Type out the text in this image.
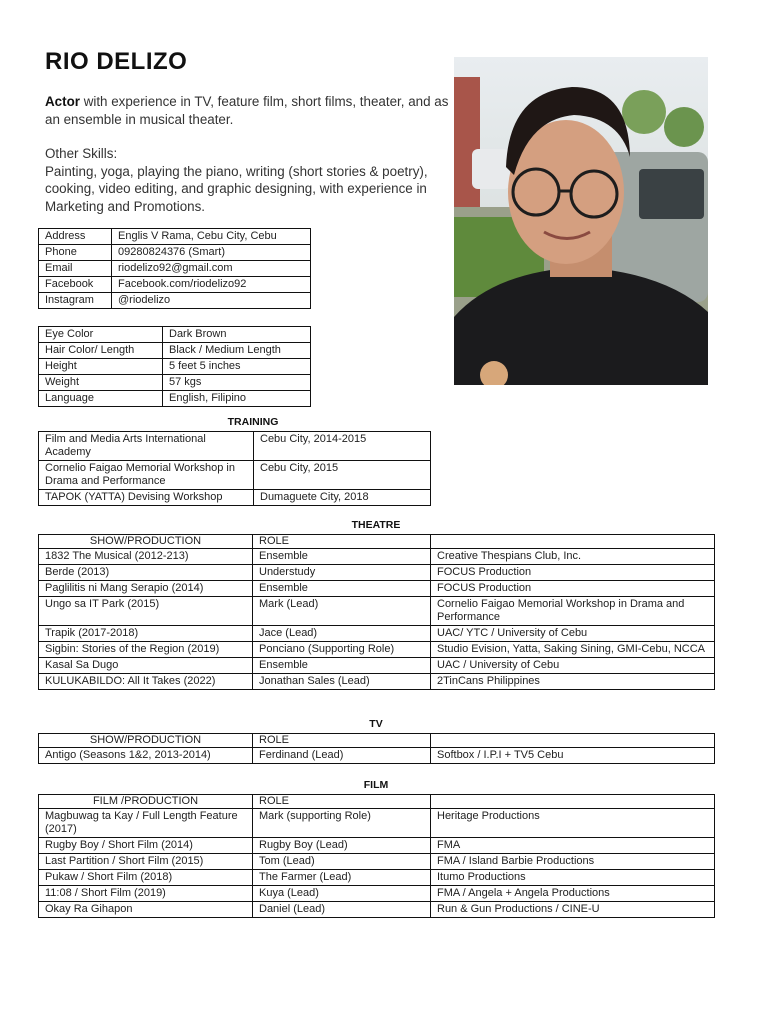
RIO DELIZO

Actor with experience in TV, feature film, short films, theater, and as an ensemble in musical theater.

Other Skills:

Painting, yoga, playing the piano, writing (short stories & poetry), cooking, video editing, and graphic designing, with experience in Marketing and Promotions.

Address	Englis V Rama, Cebu City, Cebu
Phone	09280824376 (Smart)
Email	riodelizo92@gmail.com
Facebook	Facebook.com/riodelizo92
Instagram	@riodelizo
Eye Color	Dark Brown
Hair Color/ Length	Black / Medium Length
Height	5 feet 5 inches
Weight	57 kgs
Language	English, Filipino
TRAINING
Film and Media Arts International Academy	Cebu City, 2014-2015
Cornelio Faigao Memorial Workshop in Drama and Performance	Cebu City, 2015
TAPOK (YATTA) Devising Workshop	Dumaguete City, 2018
THEATRE
SHOW/PRODUCTION	ROLE	
1832 The Musical (2012-213)	Ensemble	Creative Thespians Club, Inc.
Berde (2013)	Understudy	FOCUS Production
Paglilitis ni Mang Serapio (2014)	Ensemble	FOCUS Production
Ungo sa IT Park (2015)	Mark (Lead)	Cornelio Faigao Memorial Workshop in Drama and Performance
Trapik (2017-2018)	Jace (Lead)	UAC/ YTC / University of Cebu
Sigbin: Stories of the Region (2019)	Ponciano (Supporting Role)	Studio Evision, Yatta, Saking Sining, GMI-Cebu, NCCA
Kasal Sa Dugo	Ensemble	UAC / University of Cebu
KULUKABILDO: All It Takes (2022)	Jonathan Sales (Lead)	2TinCans Philippines
TV
SHOW/PRODUCTION	ROLE	
Antigo (Seasons 1&2, 2013-2014)	Ferdinand (Lead)	Softbox / I.P.I + TV5 Cebu
FILM
FILM /PRODUCTION	ROLE	
Magbuwag ta Kay / Full Length Feature (2017)	Mark (supporting Role)	Heritage Productions
Rugby Boy / Short Film (2014)	Rugby Boy (Lead)	FMA
Last Partition / Short Film (2015)	Tom (Lead)	FMA / Island Barbie Productions
Pukaw / Short Film (2018)	The Farmer (Lead)	Itumo Productions
11:08 / Short Film (2019)	Kuya (Lead)	FMA / Angela + Angela Productions
Okay Ra Gihapon	Daniel (Lead)	Run & Gun Productions / CINE-U
